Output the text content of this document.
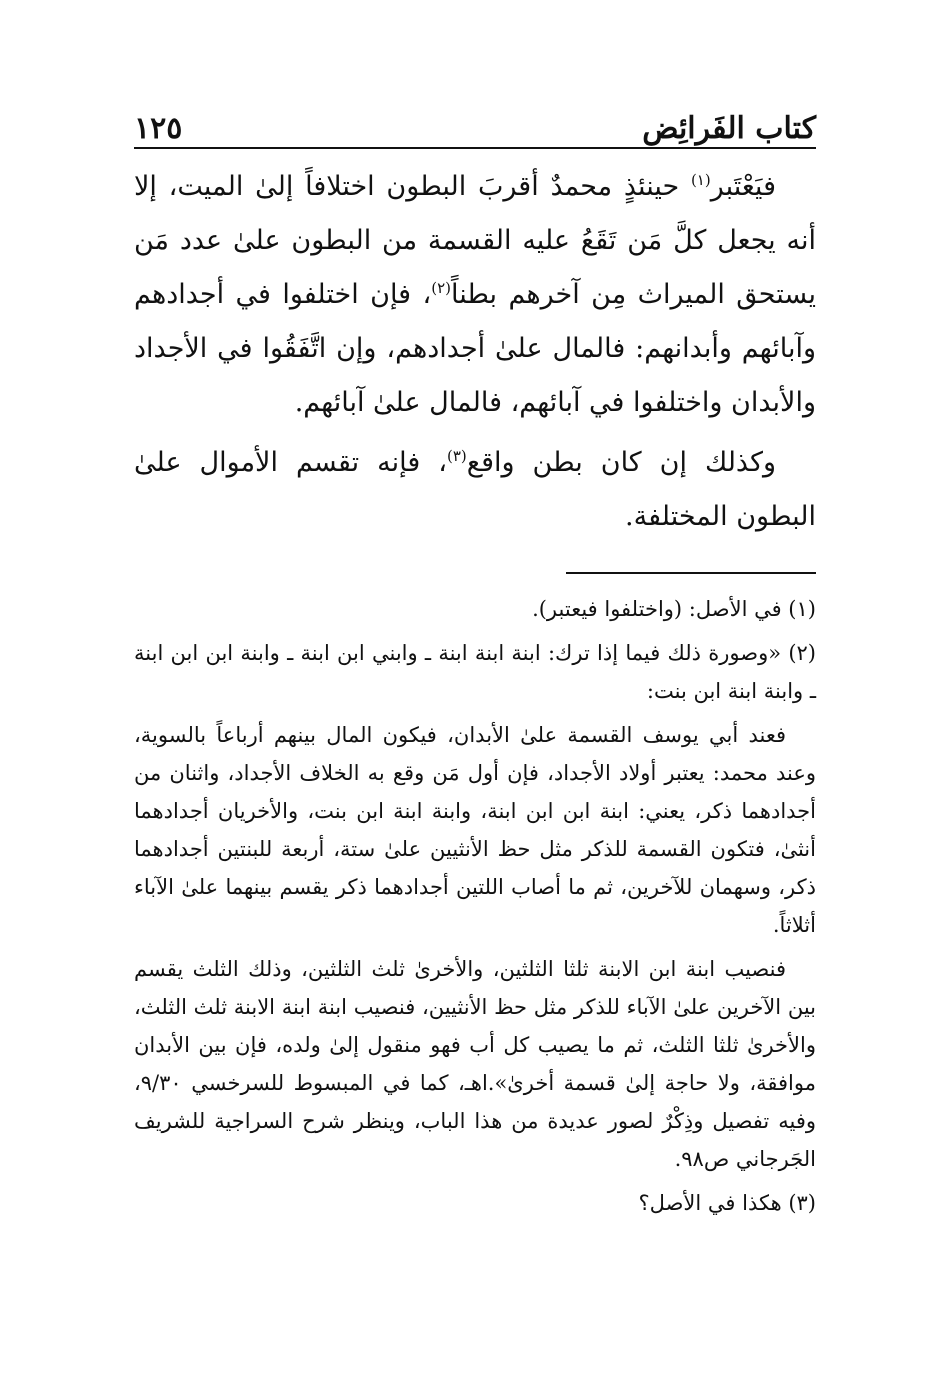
كتاب الفَرائِض
١٢٥

فيَعْتَبر$^{(١)}$ حينئذٍ محمدٌ أقربَ البطون اختلافاً إلىٰ الميت، إلا أنه يجعل كلَّ مَن تَقَعُ عليه القسمة من البطون علىٰ عدد مَن يستحق الميراث مِن آخرهم بطناً$^{(٢)}$، فإن اختلفوا في أجدادهم وآبائهم وأبدانهم: فالمال علىٰ أجدادهم، وإن اتَّفَقُوا في الأجداد والأبدان واختلفوا في آبائهم، فالمال علىٰ آبائهم.

وكذلك إن كان بطن واقع$^{(٣)}$، فإنه تقسم الأموال علىٰ البطون المختلفة.

(١) في الأصل: (واختلفوا فيعتبر).

(٢) «وصورة ذلك فيما إذا ترك: ابنة ابنة ابنة ـ وابني ابن ابنة ـ وابنة ابن ابن ابنة ـ وابنة ابنة ابن بنت:

فعند أبي يوسف القسمة علىٰ الأبدان، فيكون المال بينهم أرباعاً بالسوية، وعند محمد: يعتبر أولاد الأجداد، فإن أول مَن وقع به الخلاف الأجداد، واثنان من أجدادهما ذكر، يعني: ابنة ابن ابن ابنة، وابنة ابنة ابن بنت، والأخريان أجدادهما أنثىٰ، فتكون القسمة للذكر مثل حظ الأنثيين علىٰ ستة، أربعة للبنتين أجدادهما ذكر، وسهمان للآخرين، ثم ما أصاب اللتين أجدادهما ذكر يقسم بينهما علىٰ الآباء أثلاثاً.

فنصيب ابنة ابن الابنة ثلثا الثلثين، والأخرىٰ ثلث الثلثين، وذلك الثلث يقسم بين الآخرين علىٰ الآباء للذكر مثل حظ الأنثيين، فنصيب ابنة ابنة الابنة ثلث الثلث، والأخرىٰ ثلثا الثلث، ثم ما يصيب كل أب فهو منقول إلىٰ ولده، فإن بين الأبدان موافقة، ولا حاجة إلىٰ قسمة أخرىٰ».اهـ، كما في المبسوط للسرخسي ٩/٣٠، وفيه تفصيل وذِكْرٌ لصور عديدة من هذا الباب، وينظر شرح السراجية للشريف الجَرجاني ص٩٨.

(٣) هكذا في الأصل؟
